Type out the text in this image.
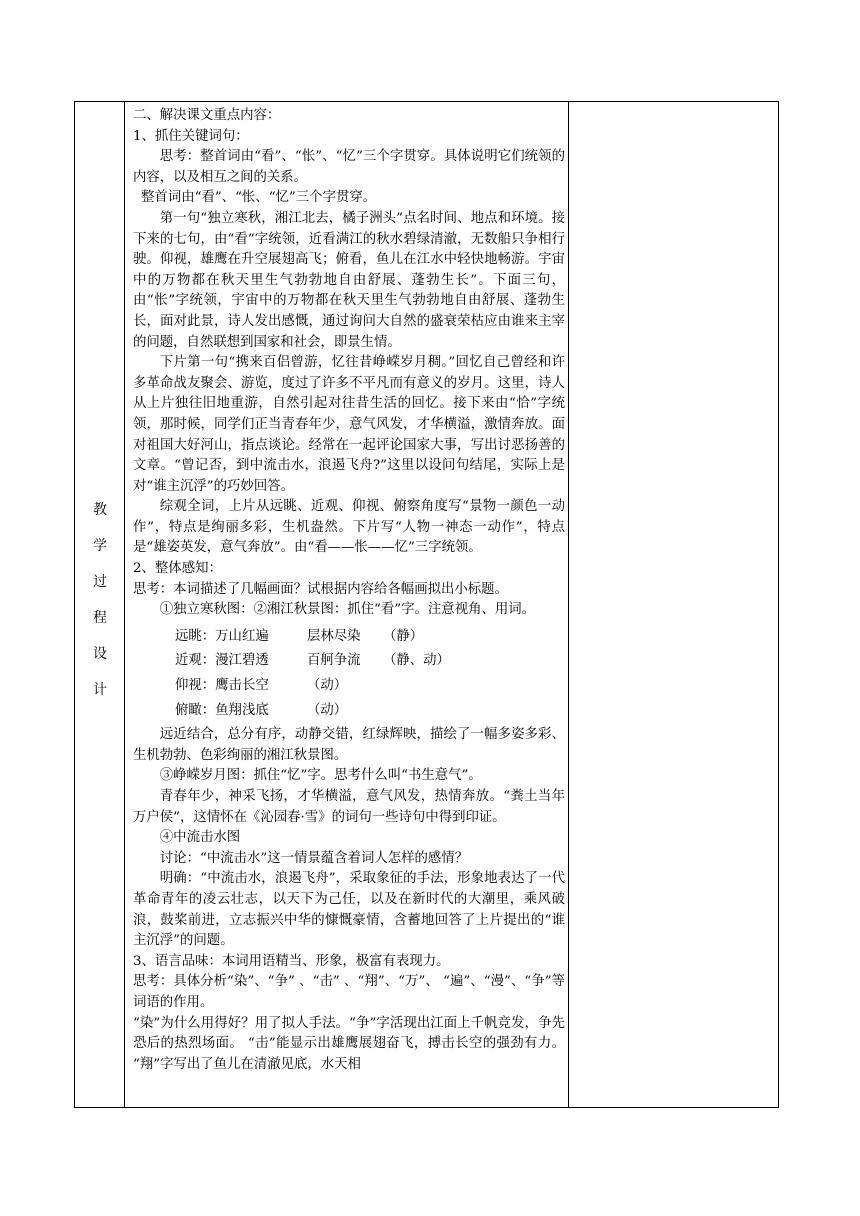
教
学
过
程
设
计

二、解决课文重点内容：

1、抓住关键词句：

思考：整首词由“看”、“怅”、“忆”三个字贯穿。具体说明它们统领的内容，以及相互之间的关系。

整首词由“看”、“怅、“忆”三个字贯穿。

第一句“独立寒秋，湘江北去，橘子洲头”点名时间、地点和环境。接下来的七句，由“看”字统领，近看满江的秋水碧绿清澈，无数船只争相行驶。仰视，雄鹰在升空展翅高飞；俯看，鱼儿在江水中轻快地畅游。宇宙中的万物都在秋天里生气勃勃地自由舒展、蓬勃生长”。下面三句，由“怅”字统领，宇宙中的万物都在秋天里生气勃勃地自由舒展、蓬勃生长，面对此景，诗人发出感慨，通过询问大自然的盛衰荣枯应由谁来主宰的问题，自然联想到国家和社会，即景生情。

下片第一句“携来百侣曾游，忆往昔峥嵘岁月稠。”回忆自己曾经和许多革命战友聚会、游览，度过了许多不平凡而有意义的岁月。这里，诗人从上片独往旧地重游，自然引起对往昔生活的回忆。接下来由“恰”字统领，那时候，同学们正当青春年少，意气风发，才华横溢，激情奔放。面对祖国大好河山，指点谈论。经常在一起评论国家大事，写出讨恶扬善的文章。“曾记否，到中流击水，浪遏飞舟?”这里以设问句结尾，实际上是对“谁主沉浮”的巧妙回答。

综观全词，上片从远眺、近观、仰视、俯察角度写“景物一颜色一动作”，特点是绚丽多彩，生机盎然。下片写“人物一神态一动作”，特点是“雄姿英发，意气奔放”。由“看——怅——忆”三字统领。

2、整体感知：

思考：本词描述了几幅画面？试根据内容给各幅画拟出小标题。

①独立寒秋图：②湘江秋景图：抓住“看”字。注意视角、用词。

远眺：万山红遍	层林尽染 （静）

近观：漫江碧透	百舸争流 （静、动）

仰视：鹰击长空	（动）

俯瞰：鱼翔浅底	（动）

远近结合，总分有序，动静交错，红绿辉映，描绘了一幅多姿多彩、生机勃勃、色彩绚丽的湘江秋景图。

③峥嵘岁月图：抓住“忆”字。思考什么叫“书生意气”。

青春年少，神采飞扬，才华横溢，意气风发，热情奔放。“粪土当年万户侯”，这情怀在《沁园春·雪》的词句一些诗句中得到印证。

④中流击水图

讨论：“中流击水”这一情景蕴含着词人怎样的感情？

明确：“中流击水，浪遏飞舟”，采取象征的手法，形象地表达了一代革命青年的凌云壮志，以天下为己任，以及在新时代的大潮里，乘风破浪，鼓桨前进，立志振兴中华的慷慨豪情，含蓄地回答了上片提出的“谁主沉浮”的问题。

3、语言品味：本词用语精当、形象，极富有表现力。

思考：具体分析“染”、“争” 、“击” 、“翔”、“万”、 “遍”、“漫”、“争”等词语的作用。

“染”为什么用得好？用了拟人手法。“争”字活现出江面上千帆竞发，争先恐后的热烈场面。 “击”能显示出雄鹰展翅奋飞，搏击长空的强劲有力。 “翔”字写出了鱼儿在清澈见底，水天相
